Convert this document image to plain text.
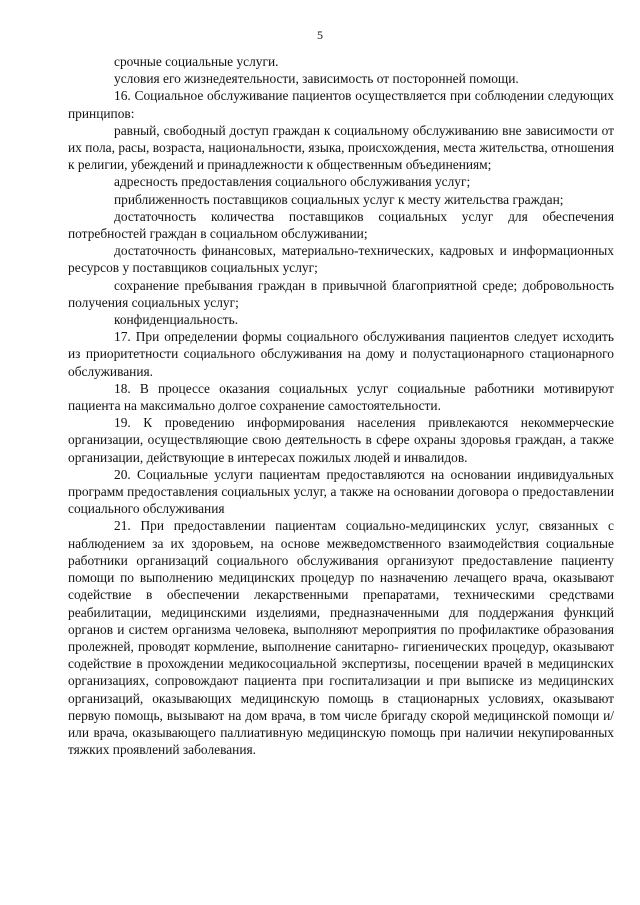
5

срочные социальные услуги.

условия его жизнедеятельности, зависимость от посторонней помощи.

16. Социальное обслуживание пациентов осуществляется при соблюдении следующих принципов:

равный, свободный доступ граждан к социальному обслуживанию вне зависимости от их пола, расы, возраста, национальности, языка, происхождения, места жительства, отношения к религии, убеждений и принадлежности к общественным объединениям;

адресность предоставления социального обслуживания услуг;

приближенность поставщиков социальных услуг к месту жительства граждан;

достаточность количества поставщиков социальных услуг для обеспечения потребностей граждан в социальном обслуживании;

достаточность финансовых, материально-технических, кадровых и информационных ресурсов у поставщиков социальных услуг;

сохранение пребывания граждан в привычной благоприятной среде; добровольность получения социальных услуг;

конфиденциальность.

17. При определении формы социального обслуживания пациентов следует исходить из приоритетности социального обслуживания на дому и полустационарного стационарного обслуживания.

18. В процессе оказания социальных услуг социальные работники мотивируют пациента на максимально долгое сохранение самостоятельности.

19. К проведению информирования населения привлекаются некоммерческие организации, осуществляющие свою деятельность в сфере охраны здоровья граждан, а также организации, действующие в интересах пожилых людей и инвалидов.

20. Социальные услуги пациентам предоставляются на основании индивидуальных программ предоставления социальных услуг, а также на основании договора о предоставлении социального обслуживания

21. При предоставлении пациентам социально-медицинских услуг, связанных с наблюдением за их здоровьем, на основе межведомственного взаимодействия социальные работники организаций социального обслуживания организуют предоставление пациенту помощи по выполнению медицинских процедур по назначению лечащего врача, оказывают содействие в обеспечении лекарственными препаратами, техническими средствами реабилитации, медицинскими изделиями, предназначенными для поддержания функций органов и систем организма человека, выполняют мероприятия по профилактике образования пролежней, проводят кормление, выполнение санитарно- гигиенических процедур, оказывают содействие в прохождении медикосоциальной экспертизы, посещении врачей в медицинских организациях, сопровождают пациента при госпитализации и при выписке из медицинских организаций, оказывающих медицинскую помощь в стационарных условиях, оказывают первую помощь, вызывают на дом врача, в том числе бригаду скорой медицинской помощи и/или врача, оказывающего паллиативную медицинскую помощь при наличии некупированных тяжких проявлений заболевания.
